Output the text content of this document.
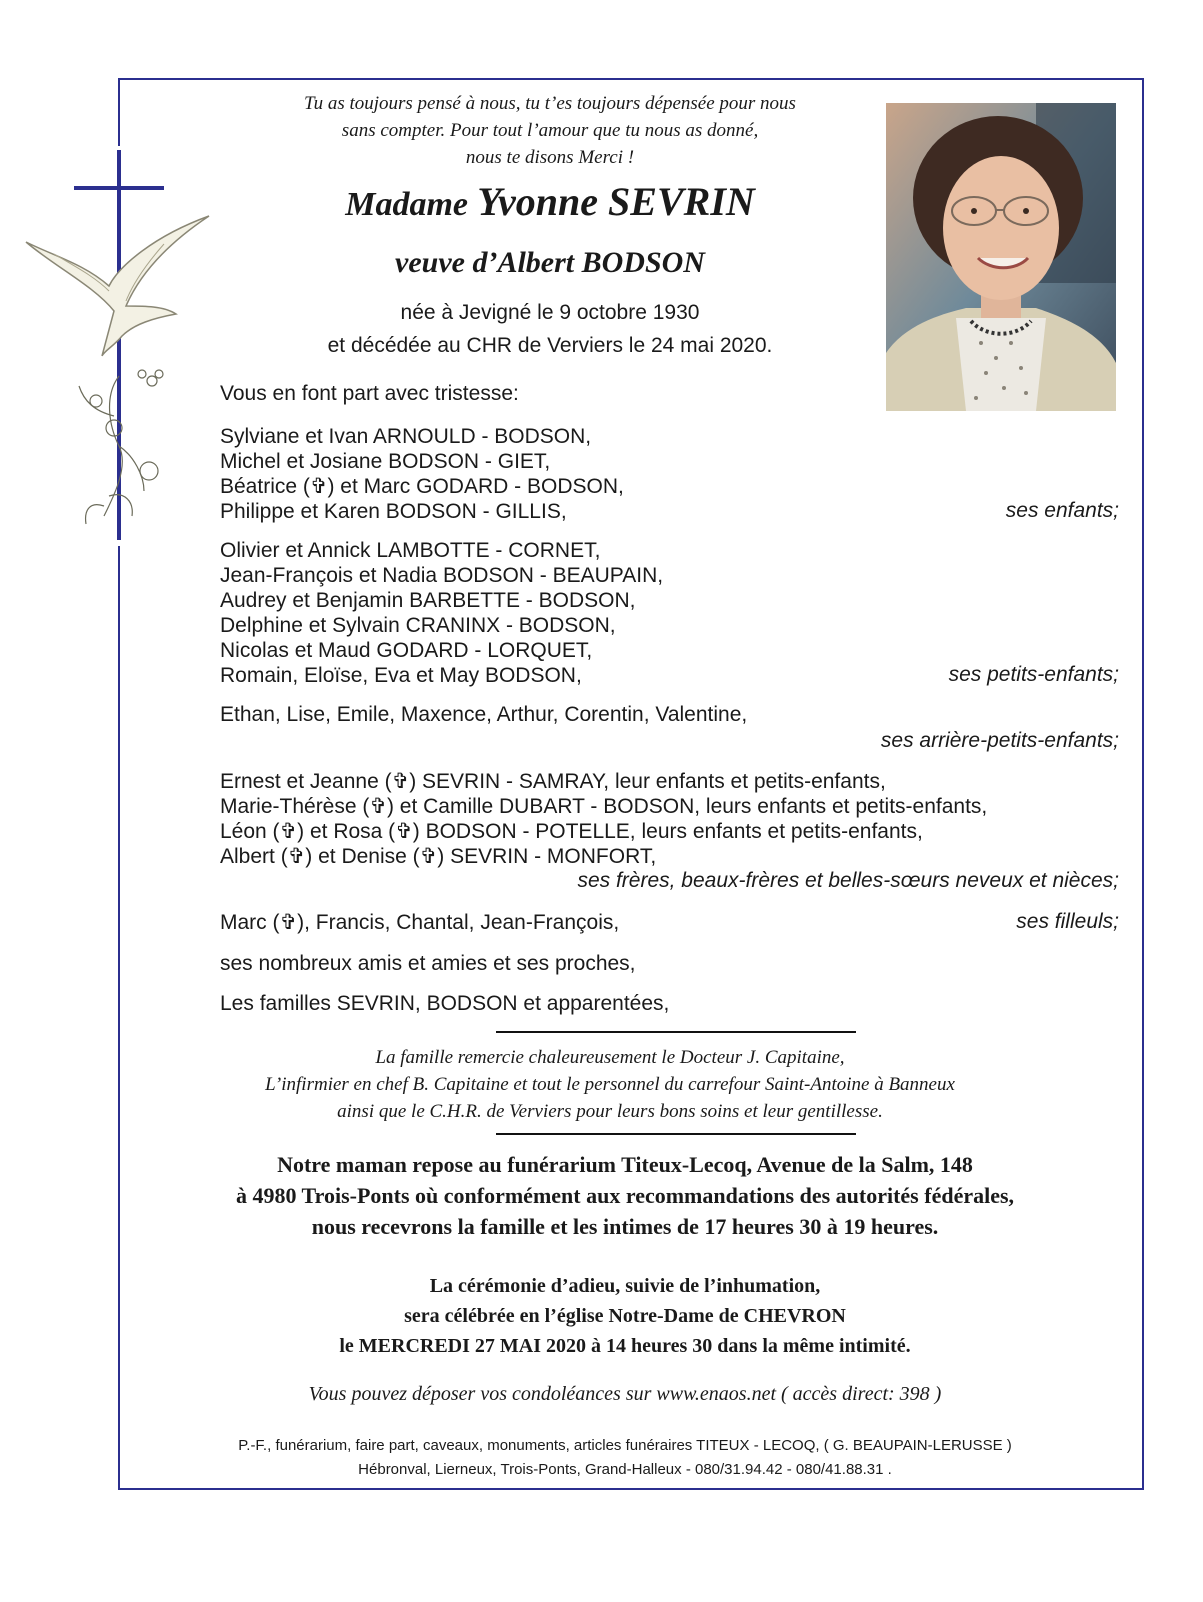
Tu as toujours pensé à nous, tu t’es toujours dépensée pour nous
sans compter. Pour tout l’amour que tu nous as donné,
nous te disons Merci !
Madame Yvonne SEVRIN
veuve d’Albert BODSON
née à Jevigné le 9 octobre 1930
et décédée au CHR de Verviers le 24 mai 2020.
Vous en font part avec tristesse:
Sylviane et Ivan ARNOULD - BODSON,
Michel et Josiane BODSON - GIET,
Béatrice (✞) et Marc GODARD - BODSON,
Philippe et Karen BODSON - GILLIS,	ses enfants;
Olivier et Annick LAMBOTTE - CORNET,
Jean-François et Nadia BODSON - BEAUPAIN,
Audrey et Benjamin BARBETTE - BODSON,
Delphine et Sylvain CRANINX - BODSON,
Nicolas et Maud GODARD - LORQUET,
Romain, Eloïse, Eva et May BODSON,	ses petits-enfants;
Ethan, Lise, Emile, Maxence, Arthur, Corentin, Valentine,
ses arrière-petits-enfants;
Ernest et Jeanne (✞) SEVRIN - SAMRAY, leur enfants et petits-enfants,
Marie-Thérèse (✞) et Camille DUBART - BODSON, leurs enfants et petits-enfants,
Léon (✞) et Rosa (✞) BODSON - POTELLE, leurs enfants et petits-enfants,
Albert (✞) et Denise (✞) SEVRIN - MONFORT,
ses frères, beaux-frères et belles-sœurs neveux et nièces;
Marc (✞), Francis, Chantal, Jean-François,	ses filleuls;
ses nombreux amis et amies et ses proches,
Les familles SEVRIN, BODSON et apparentées,
La famille remercie chaleureusement le Docteur J. Capitaine,
L’infirmier en chef B. Capitaine et tout le personnel du carrefour Saint-Antoine à Banneux
ainsi que le C.H.R. de Verviers pour leurs bons soins et leur gentillesse.
Notre maman repose au funérarium Titeux-Lecoq, Avenue de la Salm, 148
à 4980 Trois-Ponts où conformément aux recommandations des autorités fédérales,
nous recevrons la famille et les intimes de 17 heures 30 à 19 heures.
La cérémonie d’adieu, suivie de l’inhumation,
sera célébrée en l’église Notre-Dame de CHEVRON
le MERCREDI 27 MAI 2020 à 14 heures 30 dans la même intimité.
Vous pouvez déposer vos condoléances sur www.enaos.net ( accès direct: 398 )
P.-F., funérarium, faire part, caveaux, monuments, articles funéraires TITEUX - LECOQ, ( G. BEAUPAIN-LERUSSE )
Hébronval, Lierneux, Trois-Ponts, Grand-Halleux - 080/31.94.42 - 080/41.88.31 .
